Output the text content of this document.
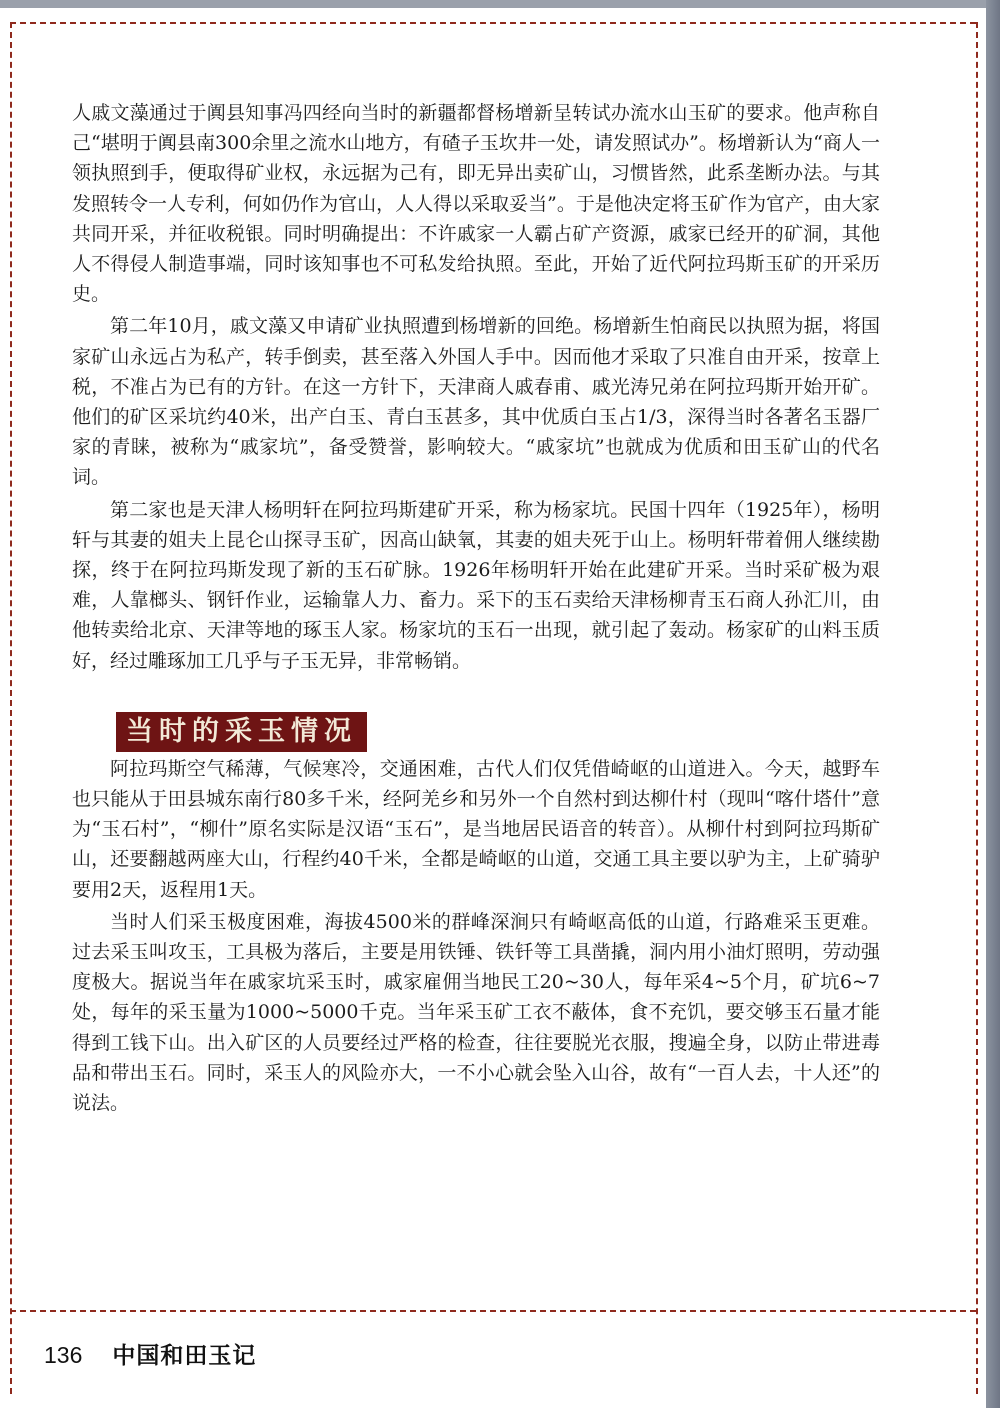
人戚文藻通过于阗县知事冯四经向当时的新疆都督杨增新呈转试办流水山玉矿的要求。他声称自己“堪明于阗县南300余里之流水山地方，有碴子玉坎井一处，请发照试办”。杨增新认为“商人一领执照到手，便取得矿业权，永远据为己有，即无异出卖矿山，习惯皆然，此系垄断办法。与其发照转令一人专利，何如仍作为官山，人人得以采取妥当”。于是他决定将玉矿作为官产，由大家共同开采，并征收税银。同时明确提出：不许戚家一人霸占矿产资源，戚家已经开的矿洞，其他人不得侵人制造事端，同时该知事也不可私发给执照。至此，开始了近代阿拉玛斯玉矿的开采历史。

第二年10月，戚文藻又申请矿业执照遭到杨增新的回绝。杨增新生怕商民以执照为据，将国家矿山永远占为私产，转手倒卖，甚至落入外国人手中。因而他才采取了只准自由开采，按章上税，不准占为已有的方针。在这一方针下，天津商人戚春甫、戚光涛兄弟在阿拉玛斯开始开矿。他们的矿区采坑约40米，出产白玉、青白玉甚多，其中优质白玉占1/3，深得当时各著名玉器厂家的青睐，被称为“戚家坑”，备受赞誉，影响较大。“戚家坑”也就成为优质和田玉矿山的代名词。

第二家也是天津人杨明轩在阿拉玛斯建矿开采，称为杨家坑。民国十四年（1925年），杨明轩与其妻的姐夫上昆仑山探寻玉矿，因高山缺氧，其妻的姐夫死于山上。杨明轩带着佣人继续勘探，终于在阿拉玛斯发现了新的玉石矿脉。1926年杨明轩开始在此建矿开采。当时采矿极为艰难，人靠榔头、钢钎作业，运输靠人力、畜力。采下的玉石卖给天津杨柳青玉石商人孙汇川，由他转卖给北京、天津等地的琢玉人家。杨家坑的玉石一出现，就引起了轰动。杨家矿的山料玉质好，经过雕琢加工几乎与子玉无异，非常畅销。

当时的采玉情况

阿拉玛斯空气稀薄，气候寒冷，交通困难，古代人们仅凭借崎岖的山道进入。今天，越野车也只能从于田县城东南行80多千米，经阿羌乡和另外一个自然村到达柳什村（现叫“喀什塔什”意为“玉石村”，“柳什”原名实际是汉语“玉石”，是当地居民语音的转音）。从柳什村到阿拉玛斯矿山，还要翻越两座大山，行程约40千米，全都是崎岖的山道，交通工具主要以驴为主，上矿骑驴要用2天，返程用1天。

当时人们采玉极度困难，海拔4500米的群峰深涧只有崎岖高低的山道，行路难采玉更难。过去采玉叫攻玉，工具极为落后，主要是用铁锤、铁钎等工具凿撬，洞内用小油灯照明，劳动强度极大。据说当年在戚家坑采玉时，戚家雇佣当地民工20~30人，每年采4~5个月，矿坑6~7处，每年的采玉量为1000~5000千克。当年采玉矿工衣不蔽体，食不充饥，要交够玉石量才能得到工钱下山。出入矿区的人员要经过严格的检查，往往要脱光衣服，搜遍全身，以防止带进毒品和带出玉石。同时，采玉人的风险亦大，一不小心就会坠入山谷，故有“一百人去，十人还”的说法。

136 中国和田玉记
